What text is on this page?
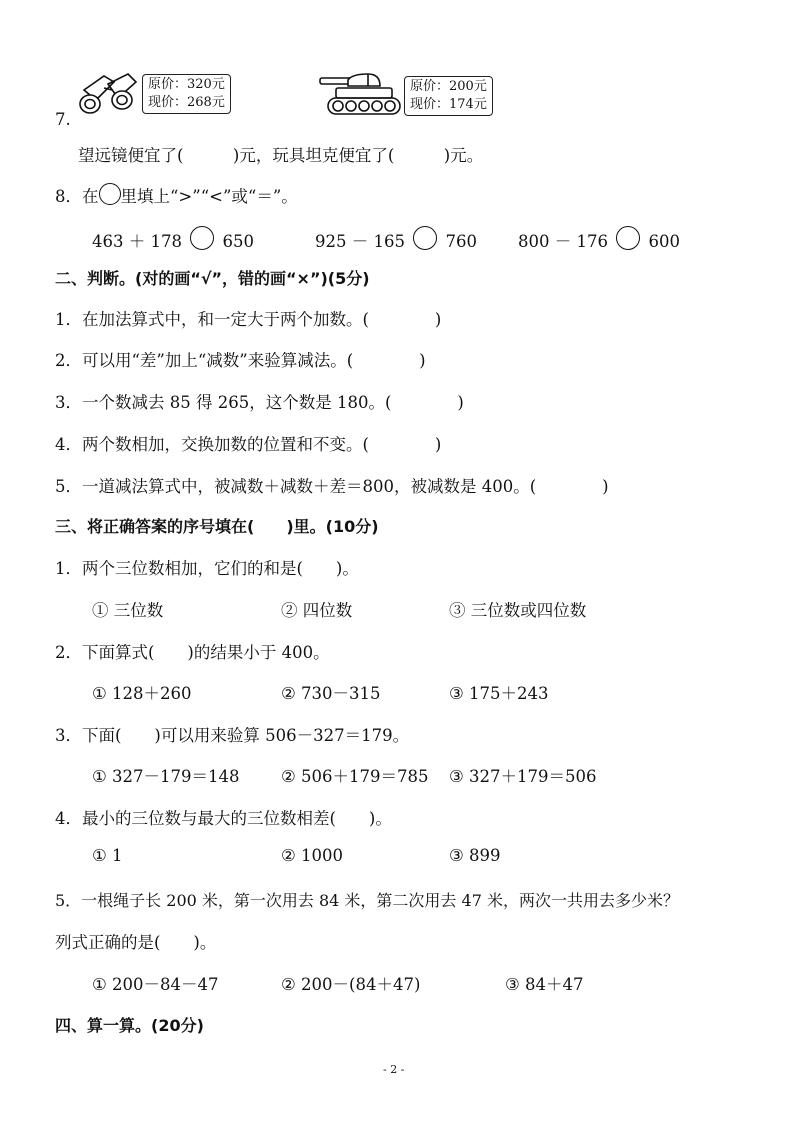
7.
原价：320元
现价：268元
原价：200元
现价：174元
望远镜便宜了(　　　)元，玩具坦克便宜了(　　　)元。
8．在 里填上“>”“<”或“＝”。
463 ＋ 178 650	925 － 165 760 800 － 176 600
二、判断。(对的画“√”，错的画“×”)(5分)
1．在加法算式中，和一定大于两个加数。(　　　　)
2．可以用“差”加上“减数”来验算减法。(　　　　)
3．一个数减去 85 得 265，这个数是 180。(　　　　)
4．两个数相加，交换加数的位置和不变。(　　　　)
5．一道减法算式中，被减数＋减数＋差＝800，被减数是 400。(　　　　)
三、将正确答案的序号填在(　　)里。(10分)
1．两个三位数相加，它们的和是(　　)。
① 三位数	② 四位数	③ 三位数或四位数
2．下面算式(　　)的结果小于 400。
① 128＋260	② 730－315	③ 175＋243
3．下面(　　)可以用来验算 506－327＝179。
① 327－179＝148	② 506＋179＝785 ③ 327＋179＝506
4．最小的三位数与最大的三位数相差(　　)。
① 1	② 1000	③ 899
5．一根绳子长 200 米，第一次用去 84 米，第二次用去 47 米，两次一共用去多少米？
列式正确的是(　　)。
① 200－84－47	② 200－(84＋47)	③ 84＋47
四、算一算。(20分)
- 2 -
